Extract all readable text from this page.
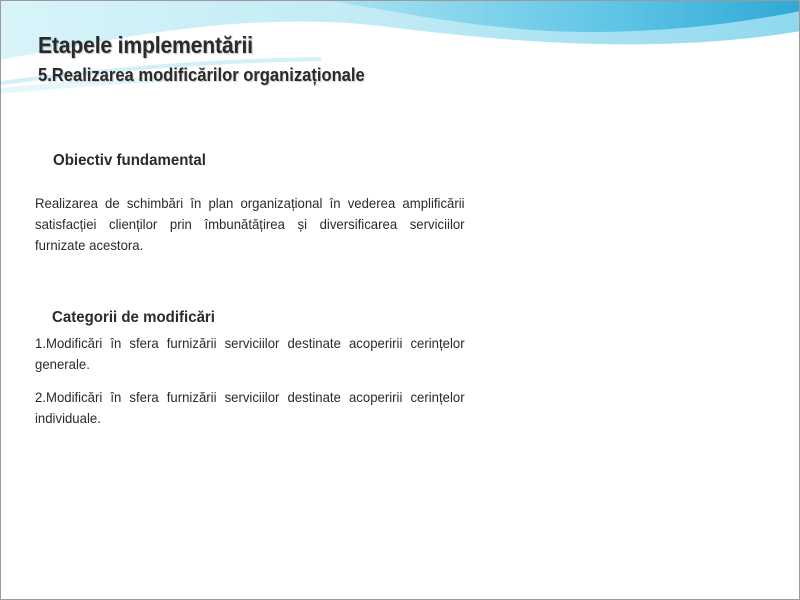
Etapele implementării
5.Realizarea modificărilor organizaționale
Obiectiv fundamental
Realizarea de schimbări în plan organizațional în vederea amplificării satisfacției clienților prin îmbunătățirea și diversificarea serviciilor furnizate acestora.
Categorii de modificări
1.Modificări în sfera furnizării serviciilor destinate acoperirii cerințelor generale.
2.Modificări în sfera furnizării serviciilor destinate acoperirii cerințelor individuale.
